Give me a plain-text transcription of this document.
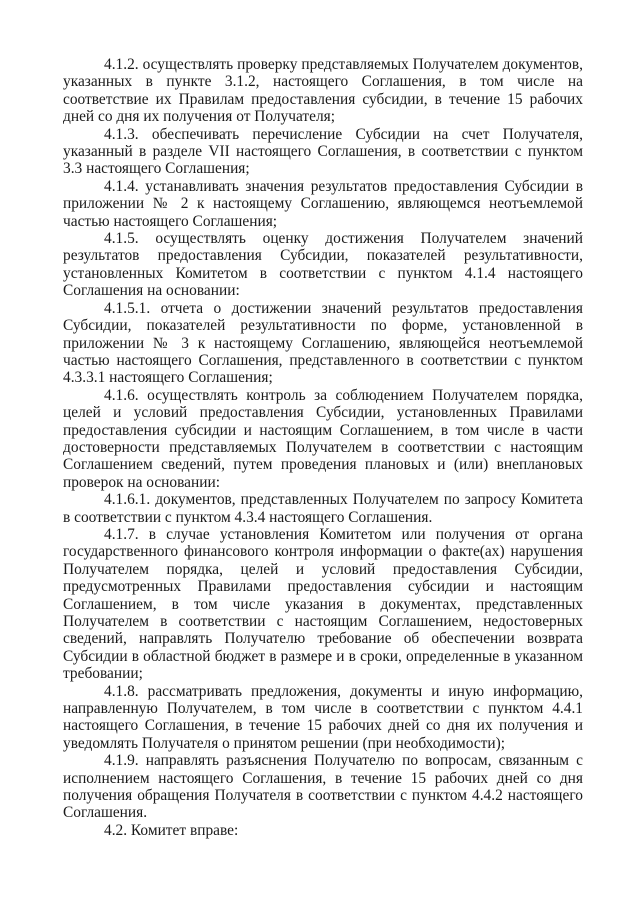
4.1.2. осуществлять проверку представляемых Получателем документов, указанных в пункте 3.1.2, настоящего Соглашения, в том числе на соответствие их Правилам предоставления субсидии, в течение 15 рабочих дней со дня их получения от Получателя;

4.1.3. обеспечивать перечисление Субсидии на счет Получателя, указанный в разделе VII настоящего Соглашения, в соответствии с пунктом 3.3 настоящего Соглашения;

4.1.4. устанавливать значения результатов предоставления Субсидии в приложении № 2 к настоящему Соглашению, являющемся неотъемлемой частью настоящего Соглашения;

4.1.5. осуществлять оценку достижения Получателем значений результатов предоставления Субсидии, показателей результативности, установленных Комитетом в соответствии с пунктом 4.1.4 настоящего Соглашения на основании:

4.1.5.1. отчета о достижении значений результатов предоставления Субсидии, показателей результативности по форме, установленной в приложении № 3 к настоящему Соглашению, являющейся неотъемлемой частью настоящего Соглашения, представленного в соответствии с пунктом 4.3.3.1 настоящего Соглашения;

4.1.6. осуществлять контроль за соблюдением Получателем порядка, целей и условий предоставления Субсидии, установленных Правилами предоставления субсидии и настоящим Соглашением, в том числе в части достоверности представляемых Получателем в соответствии с настоящим Соглашением сведений, путем проведения плановых и (или) внеплановых проверок на основании:

4.1.6.1. документов, представленных Получателем по запросу Комитета в соответствии с пунктом 4.3.4 настоящего Соглашения.

4.1.7. в случае установления Комитетом или получения от органа государственного финансового контроля информации о факте(ах) нарушения Получателем порядка, целей и условий предоставления Субсидии, предусмотренных Правилами предоставления субсидии и настоящим Соглашением, в том числе указания в документах, представленных Получателем в соответствии с настоящим Соглашением, недостоверных сведений, направлять Получателю требование об обеспечении возврата Субсидии в областной бюджет в размере и в сроки, определенные в указанном требовании;

4.1.8. рассматривать предложения, документы и иную информацию, направленную Получателем, в том числе в соответствии с пунктом 4.4.1 настоящего Соглашения, в течение 15 рабочих дней со дня их получения и уведомлять Получателя о принятом решении (при необходимости);

4.1.9. направлять разъяснения Получателю по вопросам, связанным с исполнением настоящего Соглашения, в течение 15 рабочих дней со дня получения обращения Получателя в соответствии с пунктом 4.4.2 настоящего Соглашения.

4.2. Комитет вправе:
